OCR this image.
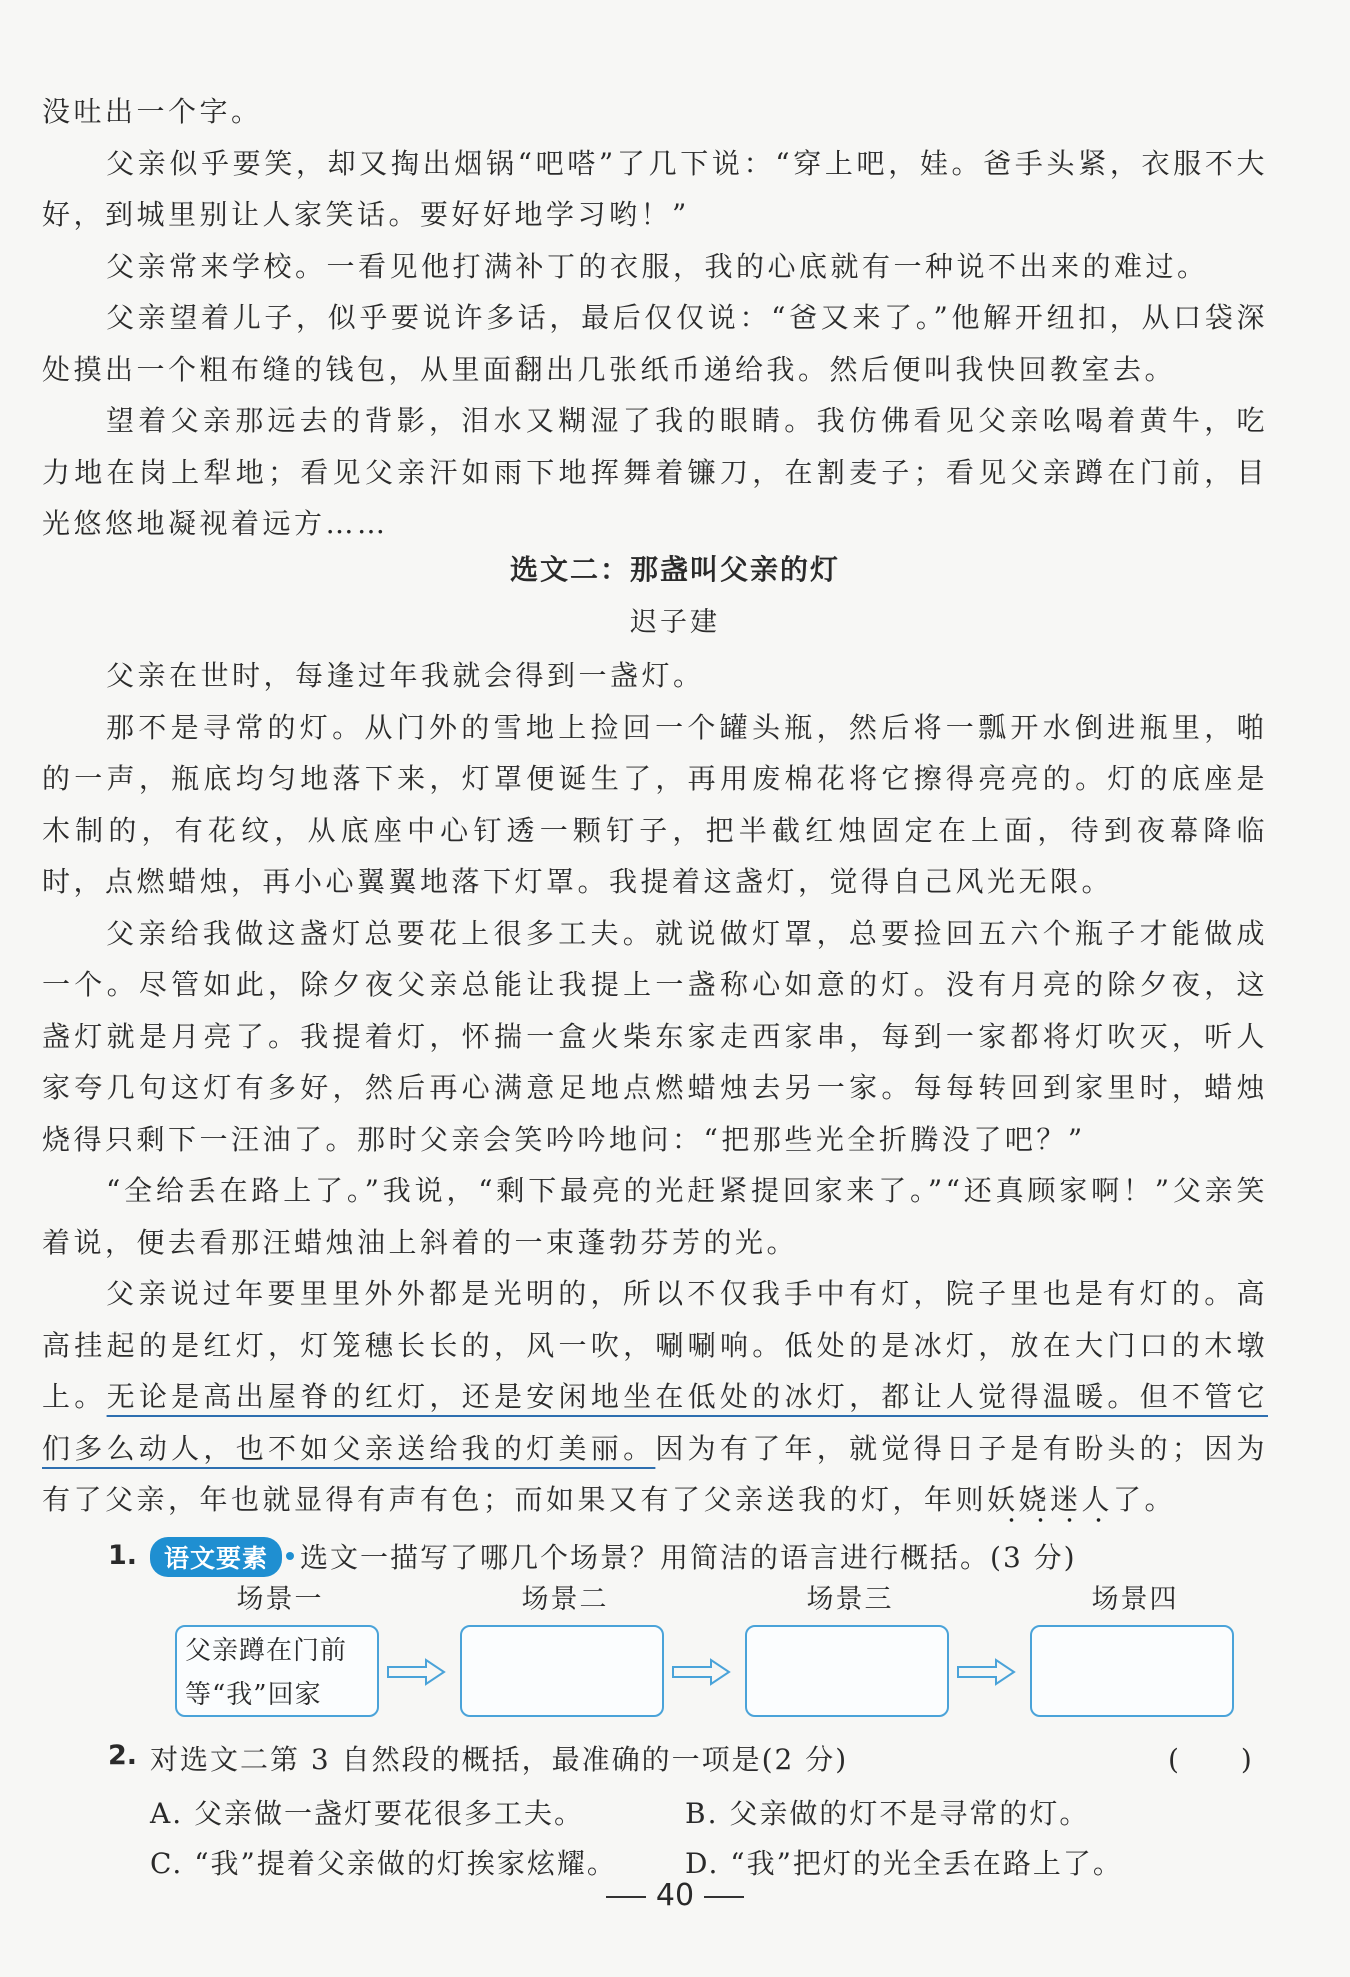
没吐出一个字。

父亲似乎要笑，却又掏出烟锅“吧嗒”了几下说：“穿上吧，娃。爸手头紧，衣服不大好，到城里别让人家笑话。要好好地学习哟！”

父亲常来学校。一看见他打满补丁的衣服，我的心底就有一种说不出来的难过。

父亲望着儿子，似乎要说许多话，最后仅仅说：“爸又来了。”他解开纽扣，从口袋深处摸出一个粗布缝的钱包，从里面翻出几张纸币递给我。然后便叫我快回教室去。

望着父亲那远去的背影，泪水又糊湿了我的眼睛。我仿佛看见父亲吆喝着黄牛，吃力地在岗上犁地；看见父亲汗如雨下地挥舞着镰刀，在割麦子；看见父亲蹲在门前，目光悠悠地凝视着远方……

选文二：那盏叫父亲的灯
迟子建

父亲在世时，每逢过年我就会得到一盏灯。

那不是寻常的灯。从门外的雪地上捡回一个罐头瓶，然后将一瓢开水倒进瓶里，啪的一声，瓶底均匀地落下来，灯罩便诞生了，再用废棉花将它擦得亮亮的。灯的底座是木制的，有花纹，从底座中心钉透一颗钉子，把半截红烛固定在上面，待到夜幕降临时，点燃蜡烛，再小心翼翼地落下灯罩。我提着这盏灯，觉得自己风光无限。

父亲给我做这盏灯总要花上很多工夫。就说做灯罩，总要捡回五六个瓶子才能做成一个。尽管如此，除夕夜父亲总能让我提上一盏称心如意的灯。没有月亮的除夕夜，这盏灯就是月亮了。我提着灯，怀揣一盒火柴东家走西家串，每到一家都将灯吹灭，听人家夸几句这灯有多好，然后再心满意足地点燃蜡烛去另一家。每每转回到家里时，蜡烛烧得只剩下一汪油了。那时父亲会笑吟吟地问：“把那些光全折腾没了吧？”

“全给丢在路上了。”我说，“剩下最亮的光赶紧提回家来了。”“还真顾家啊！”父亲笑着说，便去看那汪蜡烛油上斜着的一束蓬勃芬芳的光。

父亲说过年要里里外外都是光明的，所以不仅我手中有灯，院子里也是有灯的。高高挂起的是红灯，灯笼穗长长的，风一吹，唰唰响。低处的是冰灯，放在大门口的木墩上。无论是高出屋脊的红灯，还是安闲地坐在低处的冰灯，都让人觉得温暖。但不管它们多么动人，也不如父亲送给我的灯美丽。因为有了年，就觉得日子是有盼头的；因为有了父亲，年也就显得有声有色；而如果又有了父亲送我的灯，年则妖娆迷人了。

1.	语文要素 选文一描写了哪几个场景？用简洁的语言进行概括。(3 分)
场景一	场景二	场景三	场景四
父亲蹲在门前等“我”回家
2. 对选文二第 3 自然段的概括，最准确的一项是(2 分)	(　　)
A. 父亲做一盏灯要花很多工夫。	B. 父亲做的灯不是寻常的灯。
C. “我”提着父亲做的灯挨家炫耀。 D. “我”把灯的光全丢在路上了。
40
